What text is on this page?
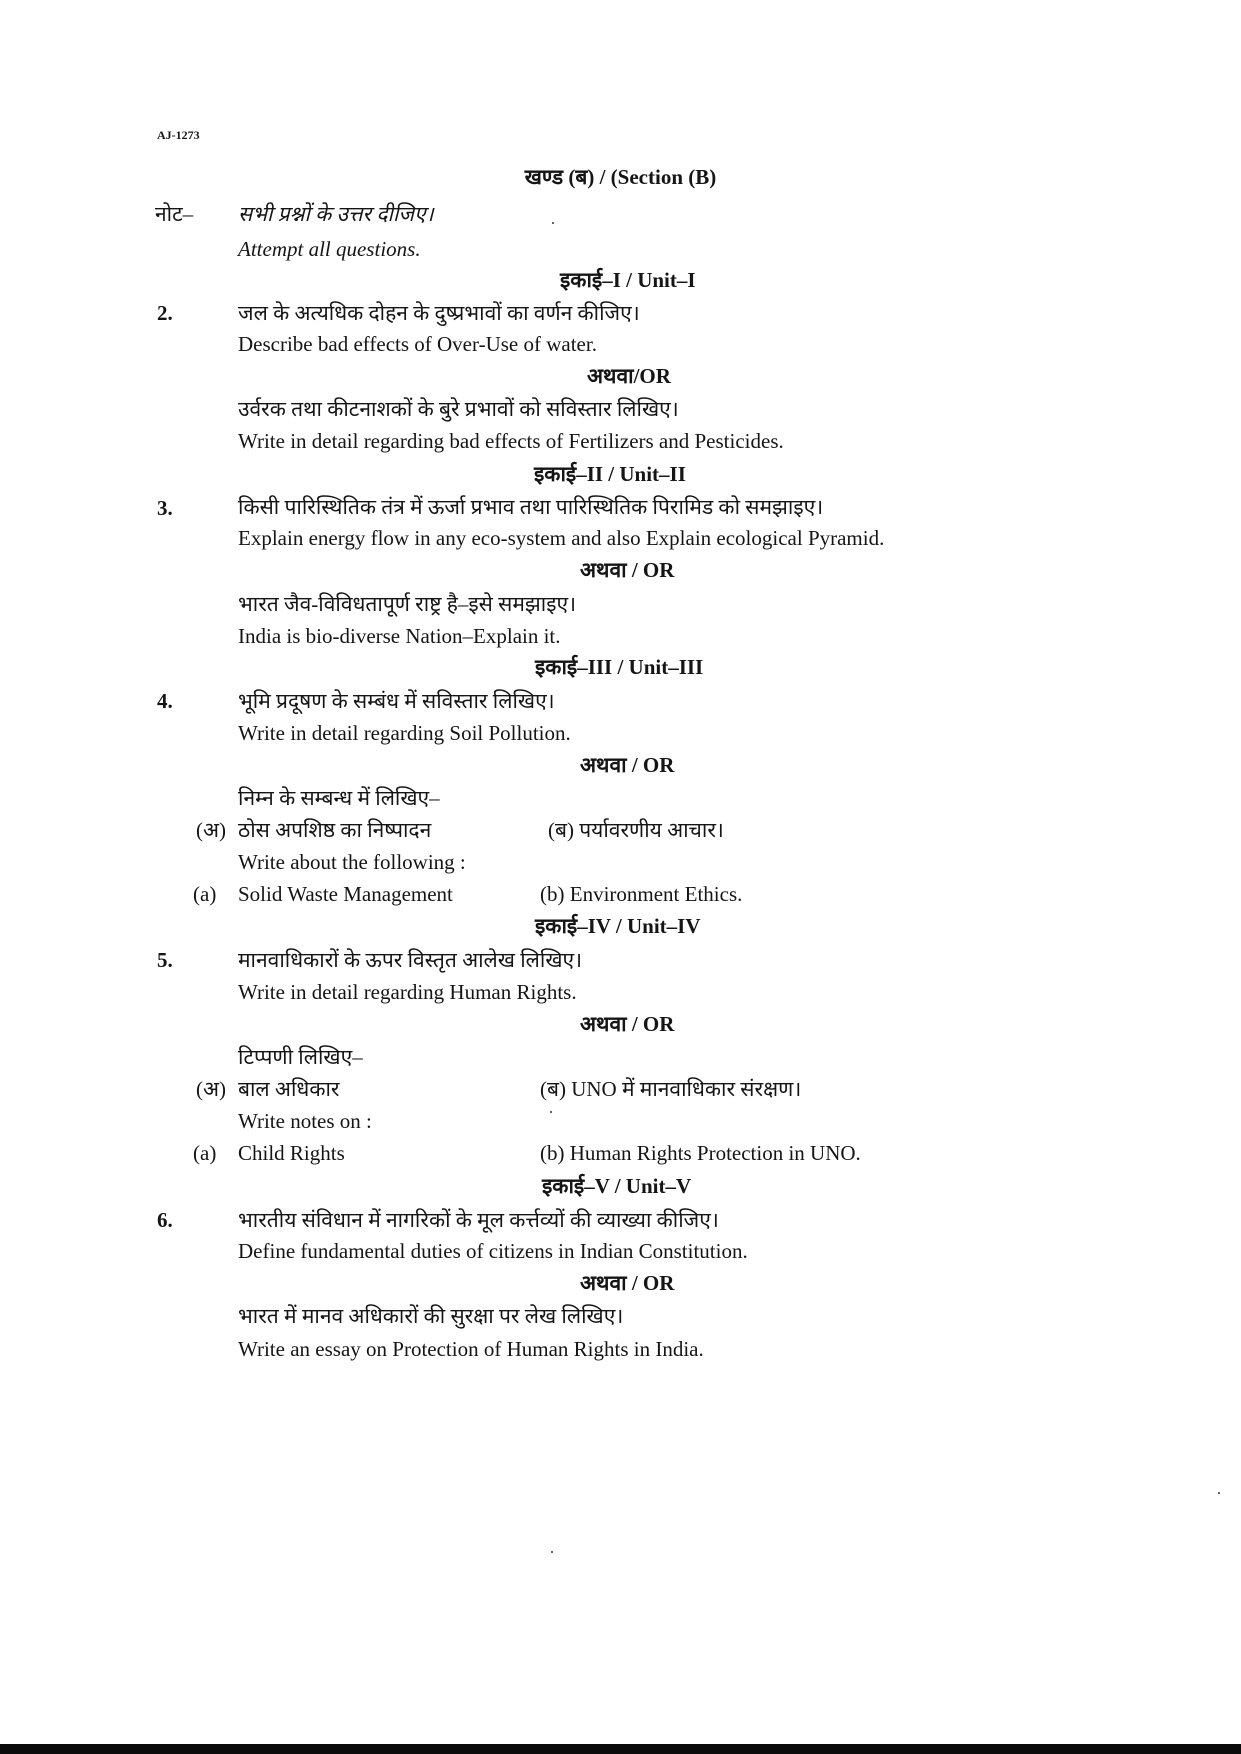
AJ-1273
खण्ड (ब) / (Section (B)
नोट– सभी प्रश्नों के उत्तर दीजिए।
Attempt all questions.
इकाई–I / Unit–I
2.	जल के अत्यधिक दोहन के दुष्प्रभावों का वर्णन कीजिए।
Describe bad effects of Over-Use of water.
अथवा/OR
उर्वरक तथा कीटनाशकों के बुरे प्रभावों को सविस्तार लिखिए।
Write in detail regarding bad effects of Fertilizers and Pesticides.
इकाई–II / Unit–II
3.	किसी पारिस्थितिक तंत्र में ऊर्जा प्रभाव तथा पारिस्थितिक पिरामिड को समझाइए।
Explain energy flow in any eco-system and also Explain ecological Pyramid.
अथवा / OR
भारत जैव-विविधतापूर्ण राष्ट्र है–इसे समझाइए।
India is bio-diverse Nation–Explain it.
इकाई–III / Unit–III
4.	भूमि प्रदूषण के सम्बंध में सविस्तार लिखिए।
Write in detail regarding Soil Pollution.
अथवा / OR
निम्न के सम्बन्ध में लिखिए–
(अ) ठोस अपशिष्ठ का निष्पादन	(ब) पर्यावरणीय आचार।
Write about the following :
(a) Solid Waste Management	(b) Environment Ethics.
इकाई–IV / Unit–IV
5.	मानवाधिकारों के ऊपर विस्तृत आलेख लिखिए।
Write in detail regarding Human Rights.
अथवा / OR
टिप्पणी लिखिए–
(अ) बाल अधिकार	(ब) UNO में मानवाधिकार संरक्षण।
Write notes on :
(a) Child Rights	(b) Human Rights Protection in UNO.
इकाई–V / Unit–V
6.	भारतीय संविधान में नागरिकों के मूल कर्त्तव्यों की व्याख्या कीजिए।
Define fundamental duties of citizens in Indian Constitution.
अथवा / OR
भारत में मानव अधिकारों की सुरक्षा पर लेख लिखिए।
Write an essay on Protection of Human Rights in India.
